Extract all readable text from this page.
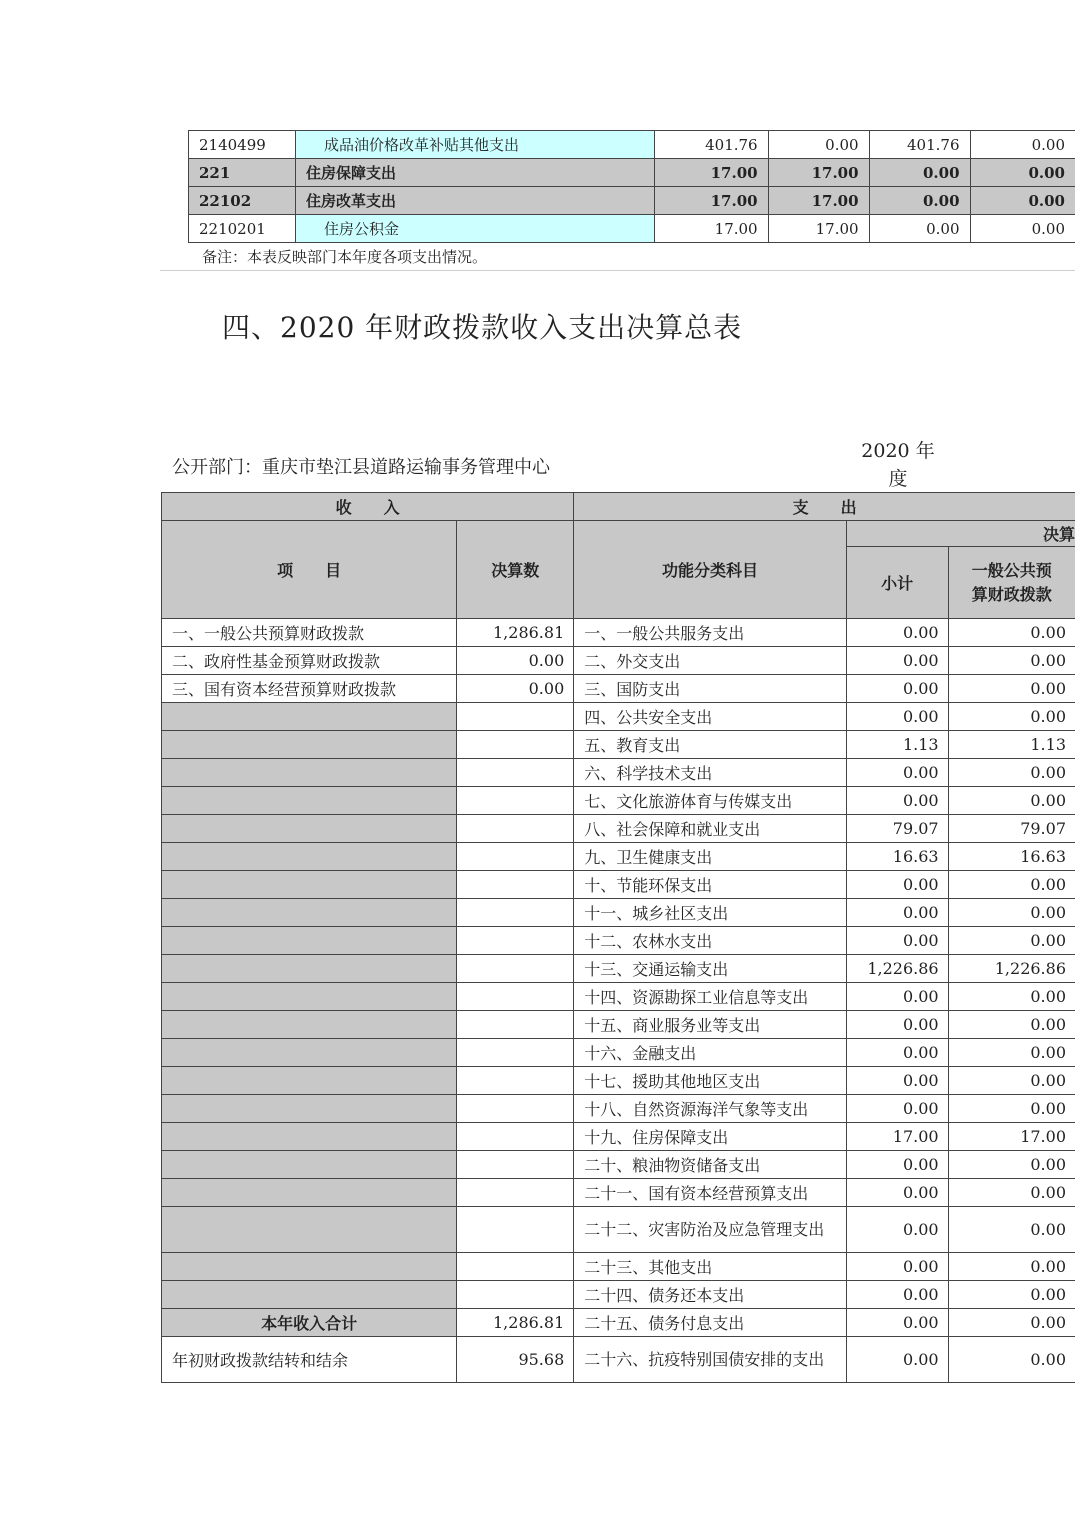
2140499	成品油价格改革补贴其他支出	401.76	0.00	401.76	0.00
221	住房保障支出	17.00	17.00	0.00	0.00
22102	住房改革支出	17.00	17.00	0.00	0.00
2210201	住房公积金	17.00	17.00	0.00	0.00
备注：本表反映部门本年度各项支出情况。
四、2020 年财政拨款收入支出决算总表
公开部门：重庆市垫江县道路运输事务管理中心
2020 年
度
收　　入		支　　出		
项　　目	决算数	功能分类科目	决算	
			小计	一般公共预
算财政拨款

一、一般公共预算财政拨款	1,286.81	一、一般公共服务支出	0.00	0.00
二、政府性基金预算财政拨款	0.00	二、外交支出	0.00	0.00
三、国有资本经营预算财政拨款	0.00	三、国防支出	0.00	0.00
		四、公共安全支出	0.00	0.00
		五、教育支出	1.13	1.13
		六、科学技术支出	0.00	0.00
		七、文化旅游体育与传媒支出	0.00	0.00
		八、社会保障和就业支出	79.07	79.07
		九、卫生健康支出	16.63	16.63
		十、节能环保支出	0.00	0.00
		十一、城乡社区支出	0.00	0.00
		十二、农林水支出	0.00	0.00
		十三、交通运输支出	1,226.86	1,226.86
		十四、资源勘探工业信息等支出	0.00	0.00
		十五、商业服务业等支出	0.00	0.00
		十六、金融支出	0.00	0.00
		十七、援助其他地区支出	0.00	0.00
		十八、自然资源海洋气象等支出	0.00	0.00
		十九、住房保障支出	17.00	17.00
		二十、粮油物资储备支出	0.00	0.00
		二十一、国有资本经营预算支出	0.00	0.00
		二十二、灾害防治及应急管理支出	0.00	0.00
		二十三、其他支出	0.00	0.00
		二十四、债务还本支出	0.00	0.00
本年收入合计	1,286.81	二十五、债务付息支出	0.00	0.00
年初财政拨款结转和结余	95.68	二十六、抗疫特别国债安排的支出	0.00	0.00
